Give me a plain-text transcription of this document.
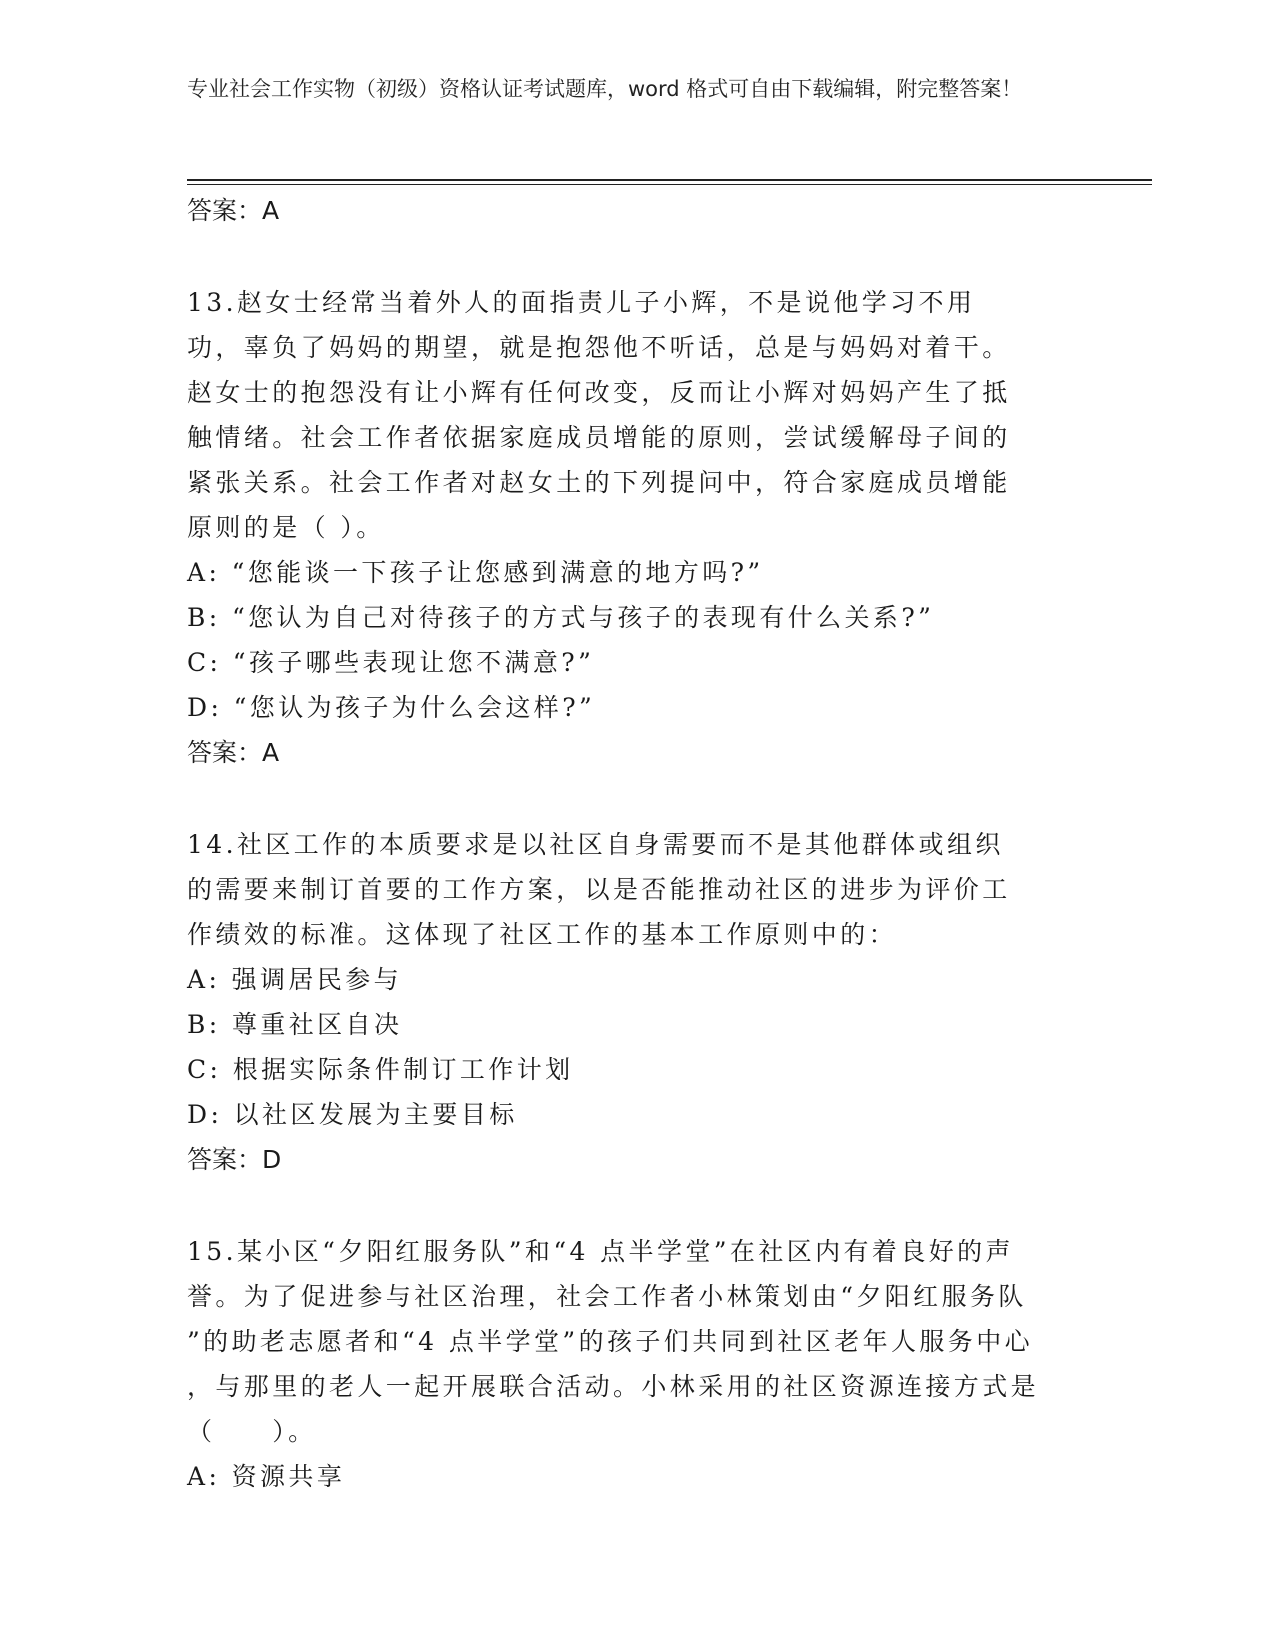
专业社会工作实物（初级）资格认证考试题库，word 格式可自由下载编辑，附完整答案！
答案：A
13.赵女士经常当着外人的面指责儿子小辉，不是说他学习不用功，辜负了妈妈的期望，就是抱怨他不听话，总是与妈妈对着干。赵女士的抱怨没有让小辉有任何改变，反而让小辉对妈妈产生了抵触情绪。社会工作者依据家庭成员增能的原则，尝试缓解母子间的紧张关系。社会工作者对赵女土的下列提问中，符合家庭成员增能原则的是（ ）。
A: “您能谈一下孩子让您感到满意的地方吗?”
B: “您认为自己对待孩子的方式与孩子的表现有什么关系?”
C: “孩子哪些表现让您不满意?”
D: “您认为孩子为什么会这样?”
答案：A
14.社区工作的本质要求是以社区自身需要而不是其他群体或组织的需要来制订首要的工作方案，以是否能推动社区的进步为评价工作绩效的标准。这体现了社区工作的基本工作原则中的：
A: 强调居民参与
B: 尊重社区自决
C: 根据实际条件制订工作计划
D: 以社区发展为主要目标
答案：D
15.某小区“夕阳红服务队”和“4 点半学堂”在社区内有着良好的声
誉。为了促进参与社区治理，社会工作者小林策划由“夕阳红服务队
”的助老志愿者和“4 点半学堂”的孩子们共同到社区老年人服务中心
，与那里的老人一起开展联合活动。小林采用的社区资源连接方式是
（　　）。
A: 资源共享
